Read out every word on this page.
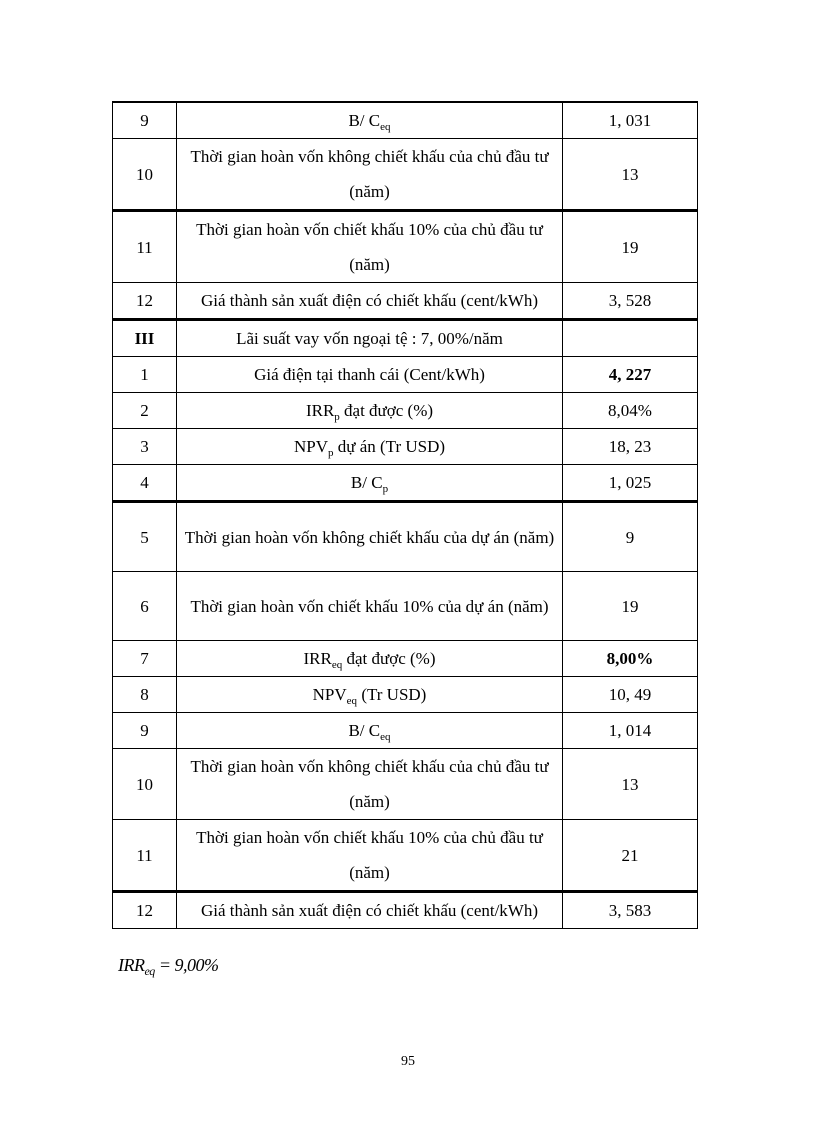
9	B/ $C_{eq}$	1, 031
10	Thời gian hoàn vốn không chiết khấu của chủ đầu tư (năm)	13
11	Thời gian hoàn vốn chiết khấu 10% của chủ đầu tư (năm)	19
12	Giá thành sản xuất điện có chiết khấu (cent/kWh)	3, 528
III	Lãi suất vay vốn ngoại tệ : 7, 00%/năm	
1	Giá điện tại thanh cái (Cent/kWh)	4, 227
2	$IRR_p$ đạt được (%)	8,04%
3	$NPV_p$ dự án (Tr USD)	18, 23
4	B/ $C_p$	1, 025
5	Thời gian hoàn vốn không chiết khấu của dự án (năm)	9
6	Thời gian hoàn vốn chiết khấu 10% của dự án (năm)	19
7	$IRR_{eq}$ đạt được (%)	8,00%
8	$NPV_{eq}$ (Tr USD)	10, 49
9	B/ $C_{eq}$	1, 014
10	Thời gian hoàn vốn không chiết khấu của chủ đầu tư (năm)	13
11	Thời gian hoàn vốn chiết khấu 10% của chủ đầu tư (năm)	21
12	Giá thành sản xuất điện có chiết khấu (cent/kWh)	3, 583
$IRR_{eq} = 9,00\%$
95
